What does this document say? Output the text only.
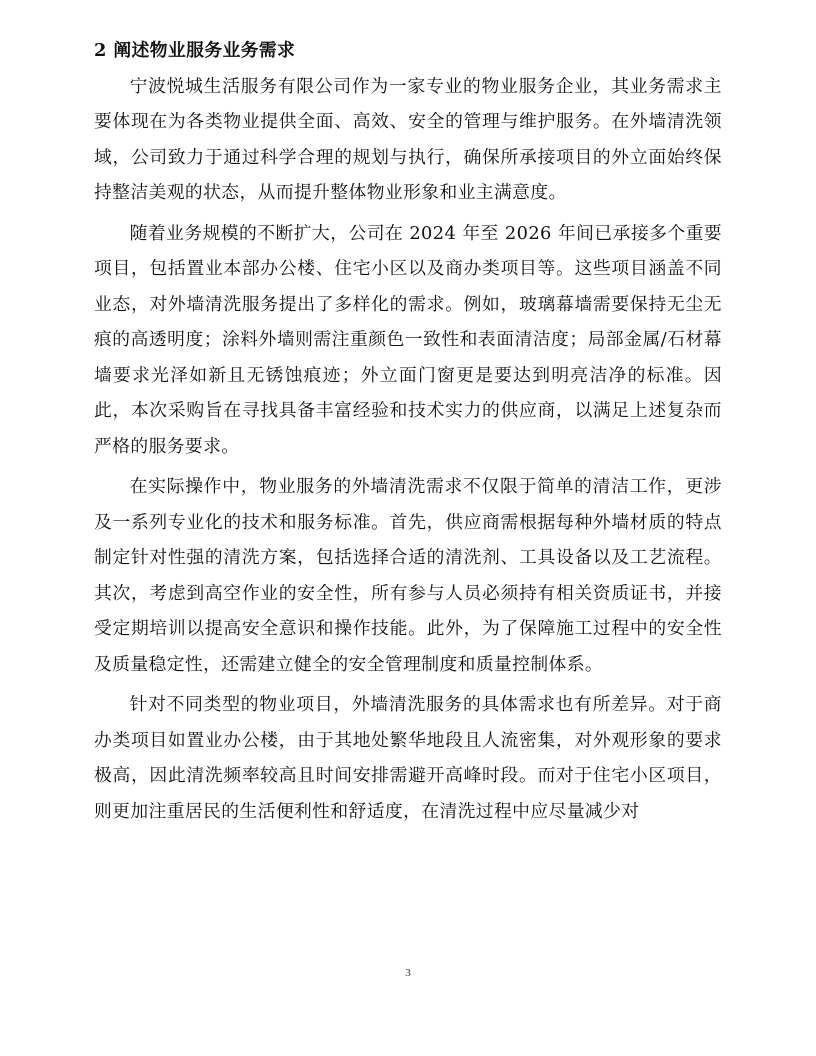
2 阐述物业服务业务需求

宁波悦城生活服务有限公司作为一家专业的物业服务企业，其业务需求主要体现在为各类物业提供全面、高效、安全的管理与维护服务。在外墙清洗领域，公司致力于通过科学合理的规划与执行，确保所承接项目的外立面始终保持整洁美观的状态，从而提升整体物业形象和业主满意度。

随着业务规模的不断扩大，公司在 2024 年至 2026 年间已承接多个重要项目，包括置业本部办公楼、住宅小区以及商办类项目等。这些项目涵盖不同业态，对外墙清洗服务提出了多样化的需求。例如，玻璃幕墙需要保持无尘无痕的高透明度；涂料外墙则需注重颜色一致性和表面清洁度；局部金属/石材幕墙要求光泽如新且无锈蚀痕迹；外立面门窗更是要达到明亮洁净的标准。因此，本次采购旨在寻找具备丰富经验和技术实力的供应商，以满足上述复杂而严格的服务要求。

在实际操作中，物业服务的外墙清洗需求不仅限于简单的清洁工作，更涉及一系列专业化的技术和服务标准。首先，供应商需根据每种外墙材质的特点制定针对性强的清洗方案，包括选择合适的清洗剂、工具设备以及工艺流程。其次，考虑到高空作业的安全性，所有参与人员必须持有相关资质证书，并接受定期培训以提高安全意识和操作技能。此外，为了保障施工过程中的安全性及质量稳定性，还需建立健全的安全管理制度和质量控制体系。

针对不同类型的物业项目，外墙清洗服务的具体需求也有所差异。对于商办类项目如置业办公楼，由于其地处繁华地段且人流密集，对外观形象的要求极高，因此清洗频率较高且时间安排需避开高峰时段。而对于住宅小区项目，则更加注重居民的生活便利性和舒适度，在清洗过程中应尽量减少对

3
